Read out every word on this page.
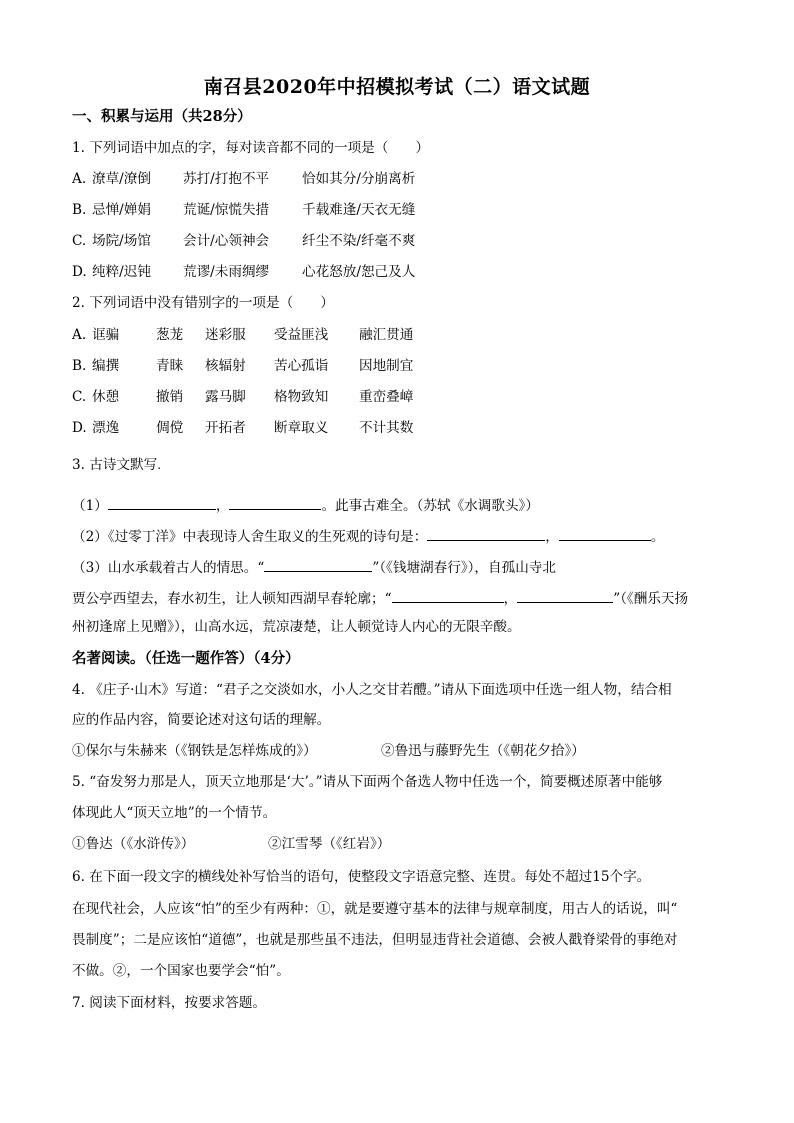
南召县2020年中招模拟考试（二）语文试题
一、积累与运用（共28分）
1. 下列词语中加点的字，每对读音都不同的一项是（　　）
A. 潦草/潦倒 苏打/打抱不平 恰如其分/分崩离析
B. 忌惮/婵娟 荒诞/惊慌失措 千载难逢/天衣无缝
C. 场院/场馆 会计/心领神会 纤尘不染/纤毫不爽
D. 纯粹/迟钝 荒谬/未雨绸缪 心花怒放/恕己及人
2. 下列词语中没有错别字的一项是（　　）
A. 诓骗	葱茏 迷彩服 受益匪浅 融汇贯通
B. 编撰	青睐 核辐射 苦心孤诣 因地制宜
C. 休憩	撤销 露马脚 格物致知 重峦叠嶂
D. 漂逸	倜傥 开拓者 断章取义 不计其数
3. 古诗文默写.
（1）	，	。此事古难全。（苏轼《水调歌头》）
（2）《过零丁洋》中表现诗人舍生取义的生死观的诗句是：	，	。
（3）山水承载着古人的情思。“	”（《钱塘湖春行》），自孤山寺北
贾公亭西望去，春水初生，让人顿知西湖早春轮廓；“	，	”（《酬乐天扬
州初逢席上见赠》），山高水远，荒凉凄楚，让人顿觉诗人内心的无限辛酸。
名著阅读。（任选一题作答）（4分）
4. 《庄子·山木》写道：“君子之交淡如水，小人之交甘若醴。”请从下面选项中任选一组人物，结合相
应的作品内容，简要论述对这句话的理解。
①保尔与朱赫来（《钢铁是怎样炼成的》）	②鲁迅与藤野先生（《朝花夕拾》）
5. “奋发努力那是人，顶天立地那是‘大’。”请从下面两个备选人物中任选一个，简要概述原著中能够
体现此人“顶天立地”的一个情节。
①鲁达（《水浒传》）	②江雪琴（《红岩》）
6. 在下面一段文字的横线处补写恰当的语句，使整段文字语意完整、连贯。每处不超过15个字。
在现代社会，人应该“怕”的至少有两种：①，就是要遵守基本的法律与规章制度，用古人的话说，叫“
畏制度”；二是应该怕“道德”，也就是那些虽不违法，但明显违背社会道德、会被人戳脊梁骨的事绝对
不做。②，一个国家也要学会“怕”。
7. 阅读下面材料，按要求答题。
